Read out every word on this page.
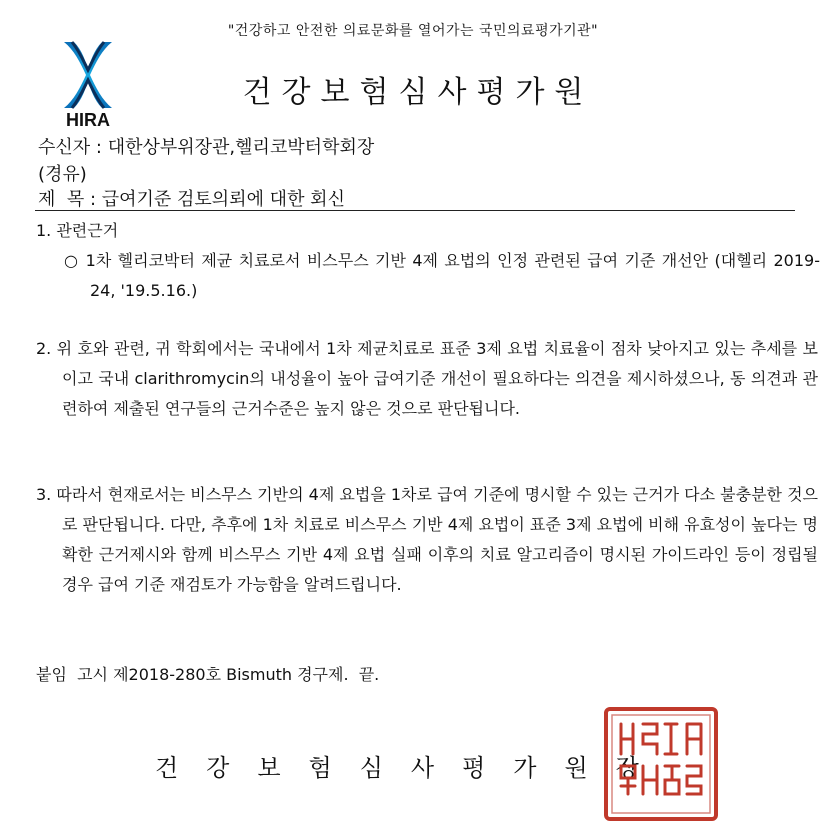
"건강하고 안전한 의료문화를 열어가는 국민의료평가기관"
HIRA
건강보험심사평가원
수신자 : 대한상부위장관,헬리코박터학회장
(경유)
제  목 : 급여기준 검토의뢰에 대한 회신
1. 관련근거
○ 1차 헬리코박터 제균 치료로서 비스무스 기반 4제 요법의 인정 관련된 급여 기준 개선안 (대헬리 2019-24, '19.5.16.)
2. 위 호와 관련, 귀 학회에서는 국내에서 1차 제균치료로 표준 3제 요법 치료율이 점차 낮아지고 있는 추세를 보이고 국내 clarithromycin의 내성율이 높아 급여기준 개선이 필요하다는 의견을 제시하셨으나, 동 의견과 관련하여 제출된 연구들의 근거수준은 높지 않은 것으로 판단됩니다.
3. 따라서 현재로서는 비스무스 기반의 4제 요법을 1차로 급여 기준에 명시할 수 있는 근거가 다소 불충분한 것으로 판단됩니다. 다만, 추후에 1차 치료로 비스무스 기반 4제 요법이 표준 3제 요법에 비해 유효성이 높다는 명확한 근거제시와 함께 비스무스 기반 4제 요법 실패 이후의 치료 알고리즘이 명시된 가이드라인 등이 정립될 경우 급여 기준 재검토가 가능함을 알려드립니다.
붙임  고시 제2018-280호 Bismuth 경구제.  끝.
건강보험심사평가원장
